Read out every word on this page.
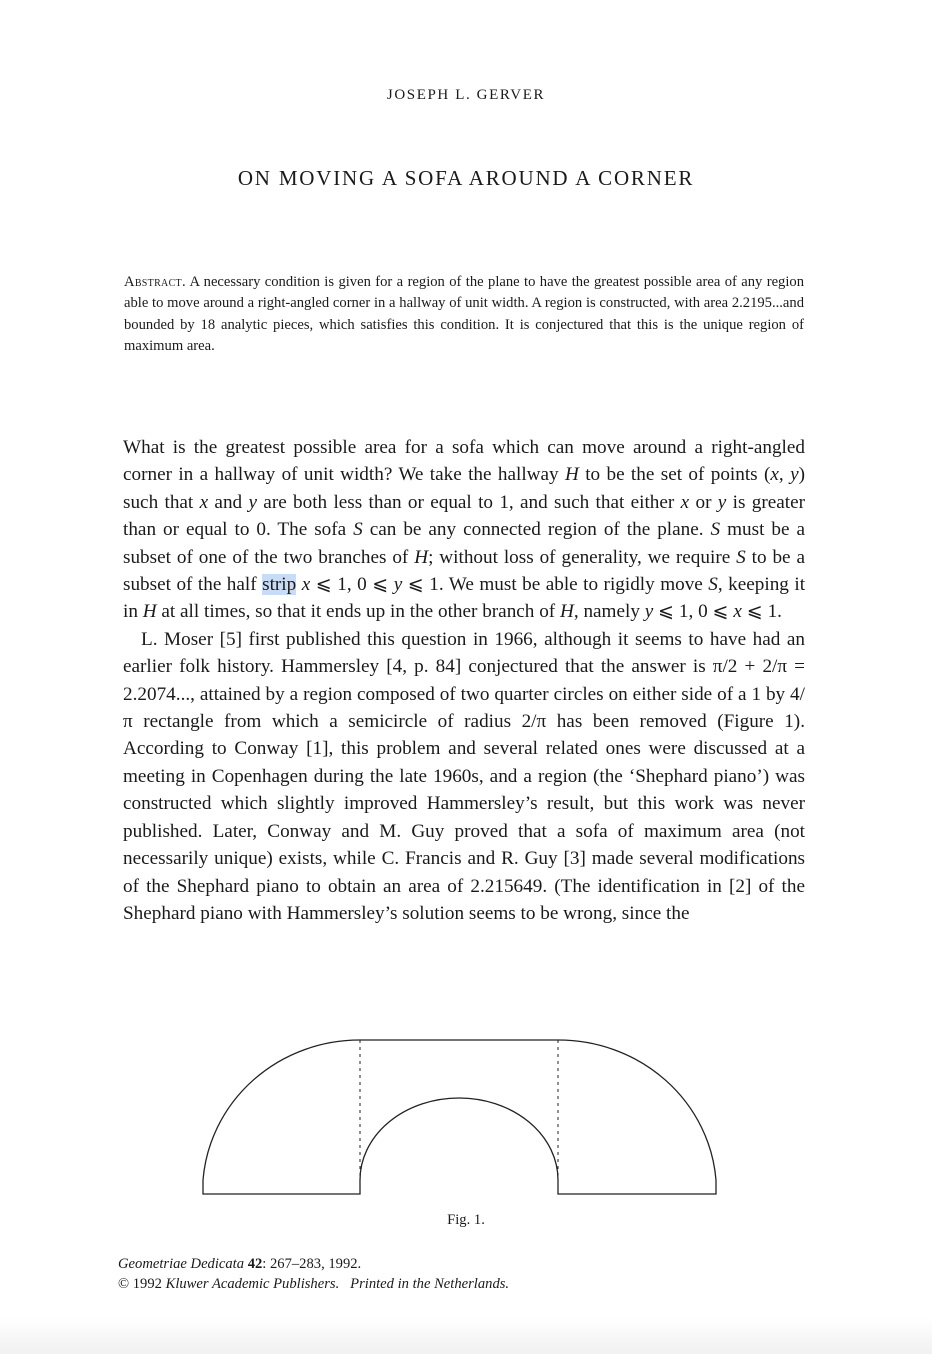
JOSEPH L. GERVER
ON MOVING A SOFA AROUND A CORNER

Abstract. A necessary condition is given for a region of the plane to have the greatest possible area of any region able to move around a right-angled corner in a hallway of unit width. A region is constructed, with area 2.2195...and bounded by 18 analytic pieces, which satisfies this condition. It is conjectured that this is the unique region of maximum area.

What is the greatest possible area for a sofa which can move around a right-angled corner in a hallway of unit width? We take the hallway H to be the set of points (x, y) such that x and y are both less than or equal to 1, and such that either x or y is greater than or equal to 0. The sofa S can be any connected region of the plane. S must be a subset of one of the two branches of H; without loss of generality, we require S to be a subset of the half strip x ⩽ 1, 0 ⩽ y ⩽ 1. We must be able to rigidly move S, keeping it in H at all times, so that it ends up in the other branch of H, namely y ⩽ 1, 0 ⩽ x ⩽ 1.

L. Moser [5] first published this question in 1966, although it seems to have had an earlier folk history. Hammersley [4, p. 84] conjectured that the answer is π/2 + 2/π = 2.2074..., attained by a region composed of two quarter circles on either side of a 1 by 4/π rectangle from which a semicircle of radius 2/π has been removed (Figure 1). According to Conway [1], this problem and several related ones were discussed at a meeting in Copenhagen during the late 1960s, and a region (the ‘Shephard piano’) was constructed which slightly improved Hammersley’s result, but this work was never published. Later, Conway and M. Guy proved that a sofa of maximum area (not necessarily unique) exists, while C. Francis and R. Guy [3] made several modifications of the Shephard piano to obtain an area of 2.215649. (The identification in [2] of the Shephard piano with Hammersley’s solution seems to be wrong, since the

Fig. 1.
Geometriae Dedicata 42: 267–283, 1992.
© 1992 Kluwer Academic Publishers. Printed in the Netherlands.
